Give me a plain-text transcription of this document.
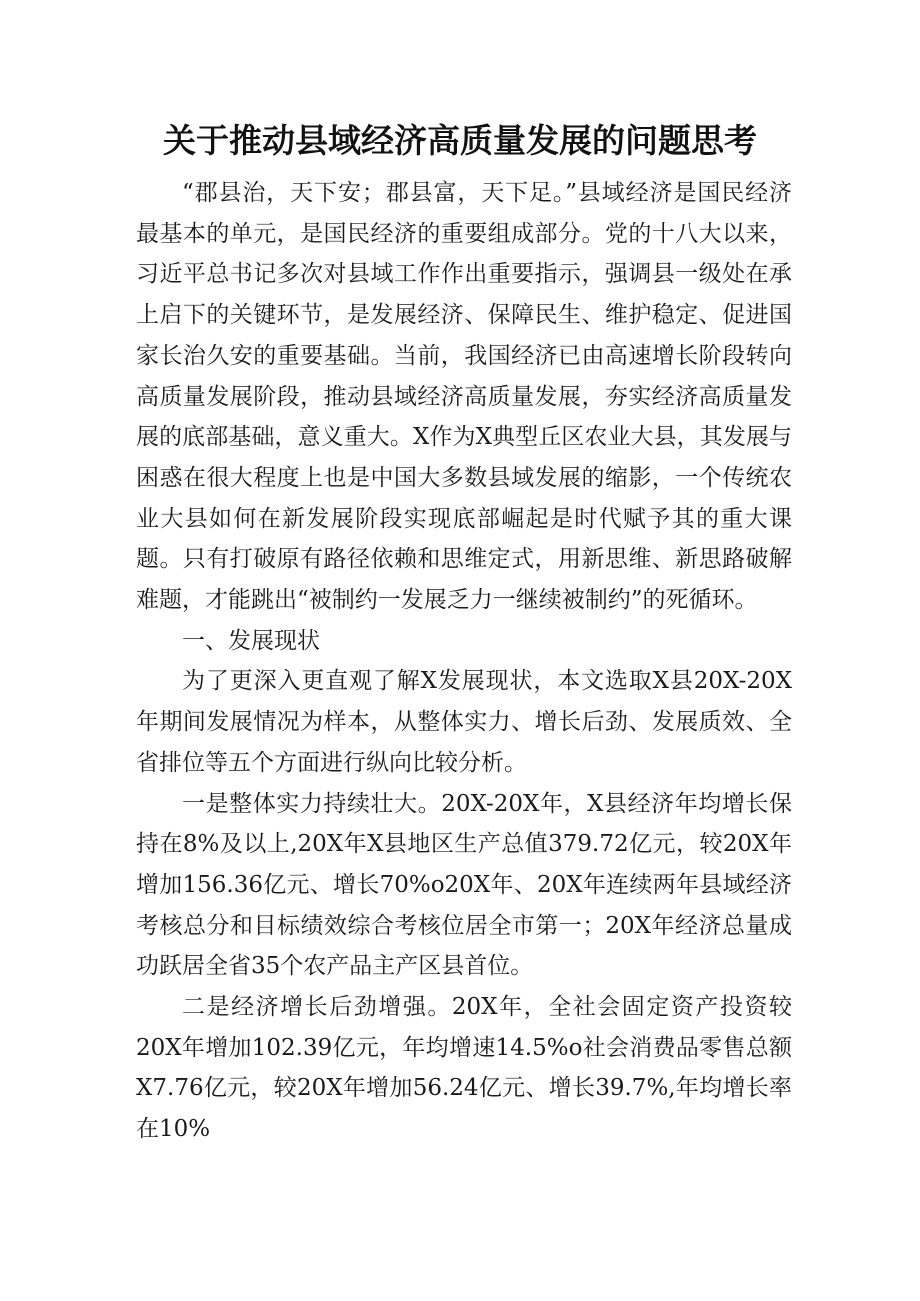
关于推动县域经济高质量发展的问题思考

“郡县治，天下安；郡县富，天下足。”县域经济是国民经济最基本的单元，是国民经济的重要组成部分。党的十八大以来，习近平总书记多次对县域工作作出重要指示，强调县一级处在承上启下的关键环节，是发展经济、保障民生、维护稳定、促进国家长治久安的重要基础。当前，我国经济已由高速增长阶段转向高质量发展阶段，推动县域经济高质量发展，夯实经济高质量发展的底部基础，意义重大。X作为X典型丘区农业大县，其发展与困惑在很大程度上也是中国大多数县域发展的缩影，一个传统农业大县如何在新发展阶段实现底部崛起是时代赋予其的重大课题。只有打破原有路径依赖和思维定式，用新思维、新思路破解难题，才能跳出“被制约一发展乏力一继续被制约”的死循环。

一、发展现状

为了更深入更直观了解X发展现状，本文选取X县20X-20X年期间发展情况为样本，从整体实力、增长后劲、发展质效、全省排位等五个方面进行纵向比较分析。

一是整体实力持续壮大。20X-20X年，X县经济年均增长保持在8%及以上,20X年X县地区生产总值379.72亿元，较20X年增加156.36亿元、增长70%o20X年、20X年连续两年县域经济考核总分和目标绩效综合考核位居全市第一；20X年经济总量成功跃居全省35个农产品主产区县首位。

二是经济增长后劲增强。20X年，全社会固定资产投资较20X年增加102.39亿元，年均增速14.5%o社会消费品零售总额X7.76亿元，较20X年增加56.24亿元、增长39.7%,年均增长率在10%
